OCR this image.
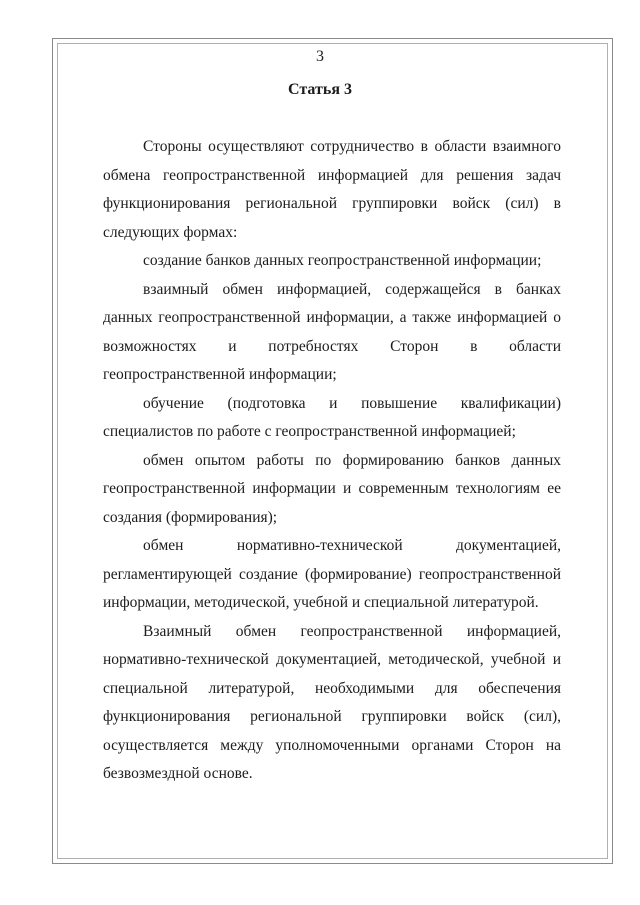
3
Статья 3

Стороны осуществляют сотрудничество в области взаимного обмена геопространственной информацией для решения задач функционирования региональной группировки войск (сил) в следующих формах:

создание банков данных геопространственной информации;

взаимный обмен информацией, содержащейся в банках данных геопространственной информации, а также информацией о возможностях и потребностях Сторон в области геопространственной информации;

обучение (подготовка и повышение квалификации) специалистов по работе с геопространственной информацией;

обмен опытом работы по формированию банков данных геопространственной информации и современным технологиям ее создания (формирования);

обмен нормативно-технической документацией, регламентирующей создание (формирование) геопространственной информации, методической, учебной и специальной литературой.

Взаимный обмен геопространственной информацией, нормативно-технической документацией, методической, учебной и специальной литературой, необходимыми для обеспечения функционирования региональной группировки войск (сил), осуществляется между уполномоченными органами Сторон на безвозмездной основе.
